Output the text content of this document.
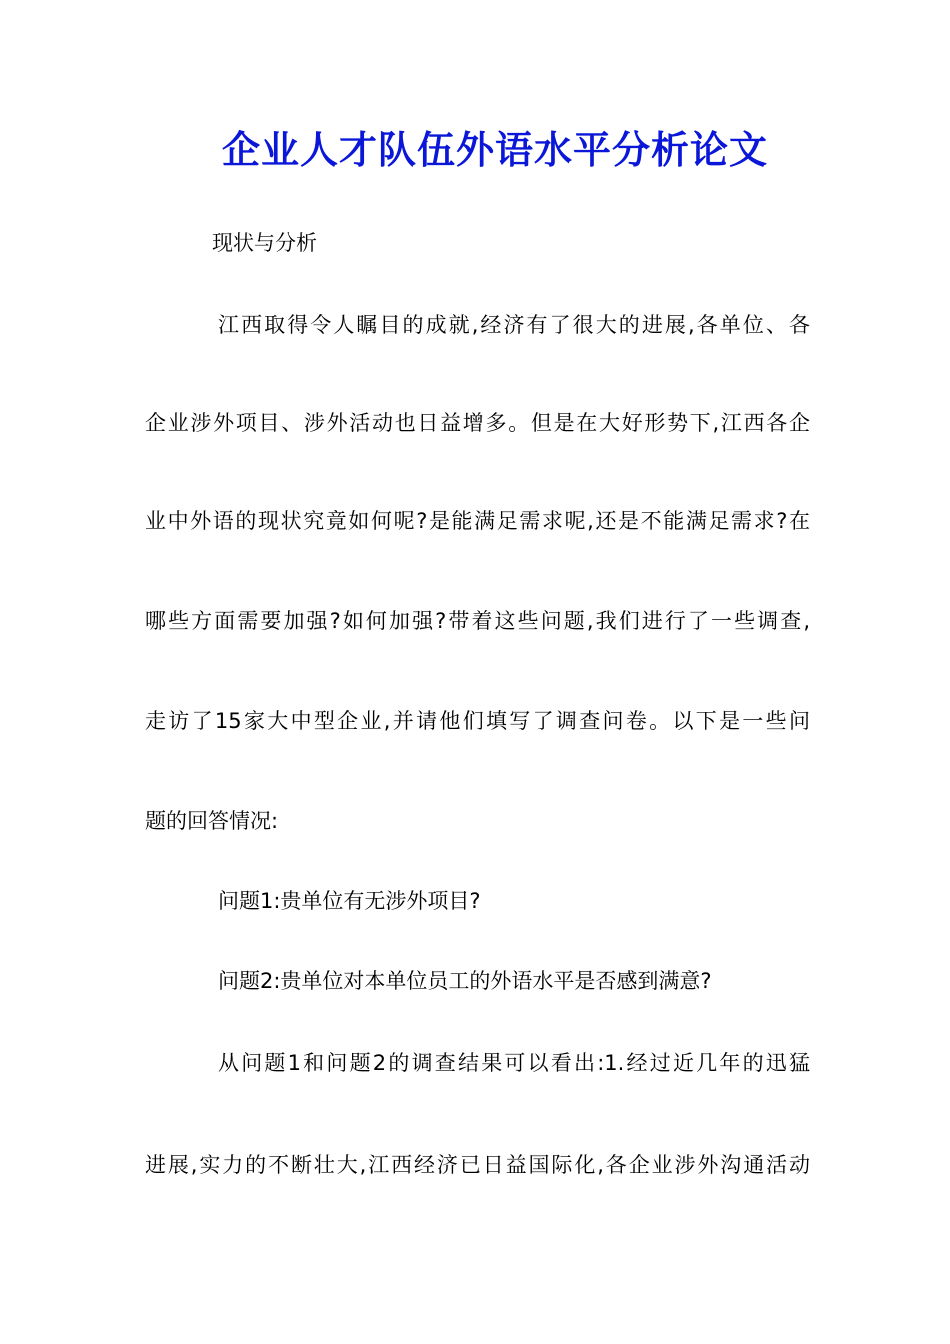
企业人才队伍外语水平分析论文
现状与分析
江西取得令人瞩目的成就,经济有了很大的进展,各单位、各
企业涉外项目、涉外活动也日益增多。但是在大好形势下,江西各企
业中外语的现状究竟如何呢?是能满足需求呢,还是不能满足需求?在
哪些方面需要加强?如何加强?带着这些问题,我们进行了一些调查,
走访了15家大中型企业,并请他们填写了调查问卷。以下是一些问
题的回答情况:
问题1:贵单位有无涉外项目?
问题2:贵单位对本单位员工的外语水平是否感到满意?
从问题1和问题2的调查结果可以看出:1.经过近几年的迅猛
进展,实力的不断壮大,江西经济已日益国际化,各企业涉外沟通活动
